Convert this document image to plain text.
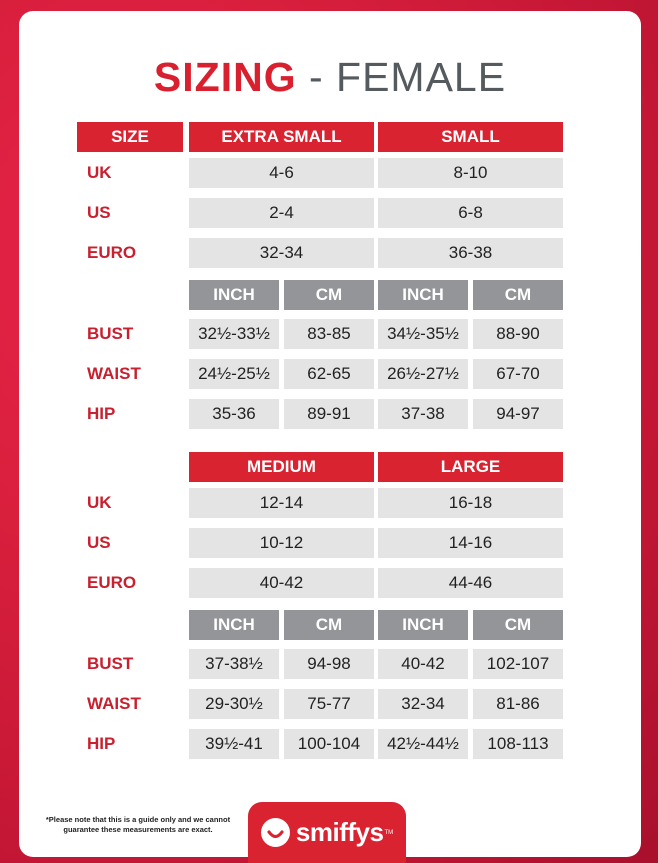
SIZING - FEMALE
SIZE	EXTRA SMALL	SMALL
UK	4-6	8-10
US	2-4	6-8
EURO	32-34	36-38
INCH	CM	INCH	CM
BUST	32½-33½	83-85	34½-35½	88-90
WAIST	24½-25½	62-65	26½-27½	67-70
HIP	35-36	89-91	37-38	94-97
MEDIUM	LARGE
UK	12-14	16-18
US	10-12	14-16
EURO	40-42	44-46
INCH	CM	INCH	CM
BUST	37-38½	94-98	40-42	102-107
WAIST	29-30½	75-77	32-34	81-86
HIP	39½-41	100-104	42½-44½	108-113
*Please note that this is a guide only and we cannot guarantee these measurements are exact.	smiffys TM
